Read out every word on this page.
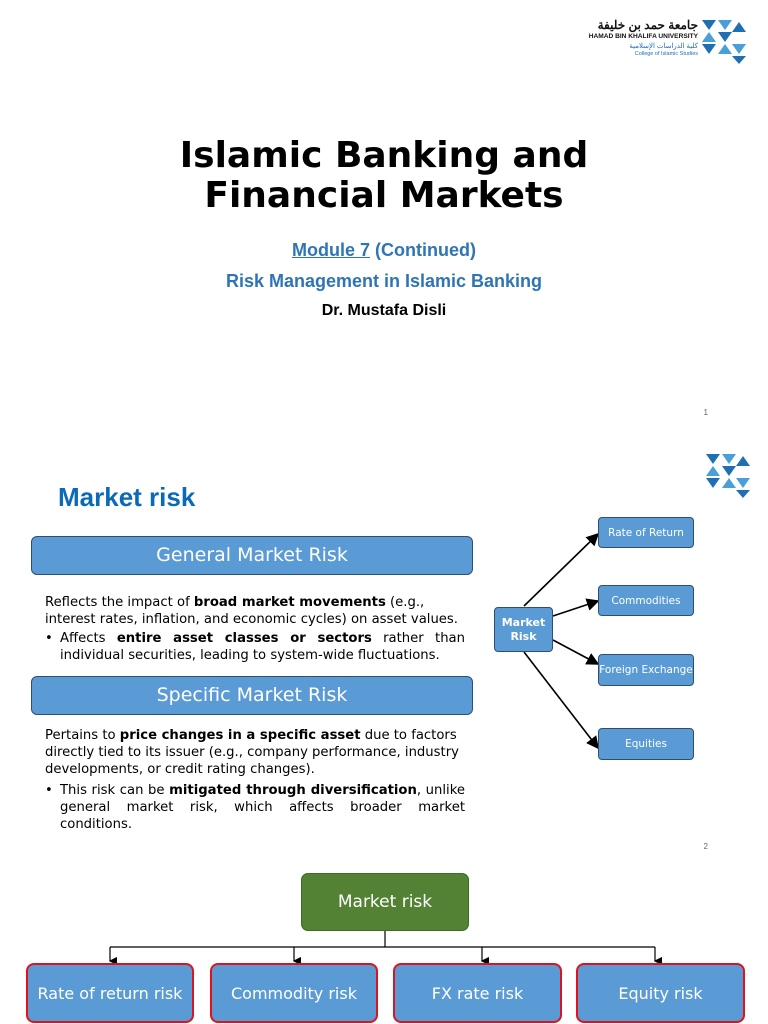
جامعة حمد بن خليفة
HAMAD BIN KHALIFA UNIVERSITY
كلية الدراسات الإسلامية
College of Islamic Studies
Islamic Banking and
Financial Markets
Module 7 (Continued)
Risk Management in Islamic Banking
Dr. Mustafa Disli
1
Market risk
General Market Risk
Reflects the impact of broad market movements (e.g., interest rates, inflation, and economic cycles) on asset values.
• Affects entire asset classes or sectors rather than individual securities, leading to system-wide fluctuations.
Specific Market Risk
Pertains to price changes in a specific asset due to factors directly tied to its issuer (e.g., company performance, industry developments, or credit rating changes).
• This risk can be mitigated through diversification, unlike general market risk, which affects broader market conditions.
Market Risk
Rate of Return
Commodities
Foreign Exchange
Equities
2
Market risk
Rate of return risk	Commodity risk	FX rate risk	Equity risk
